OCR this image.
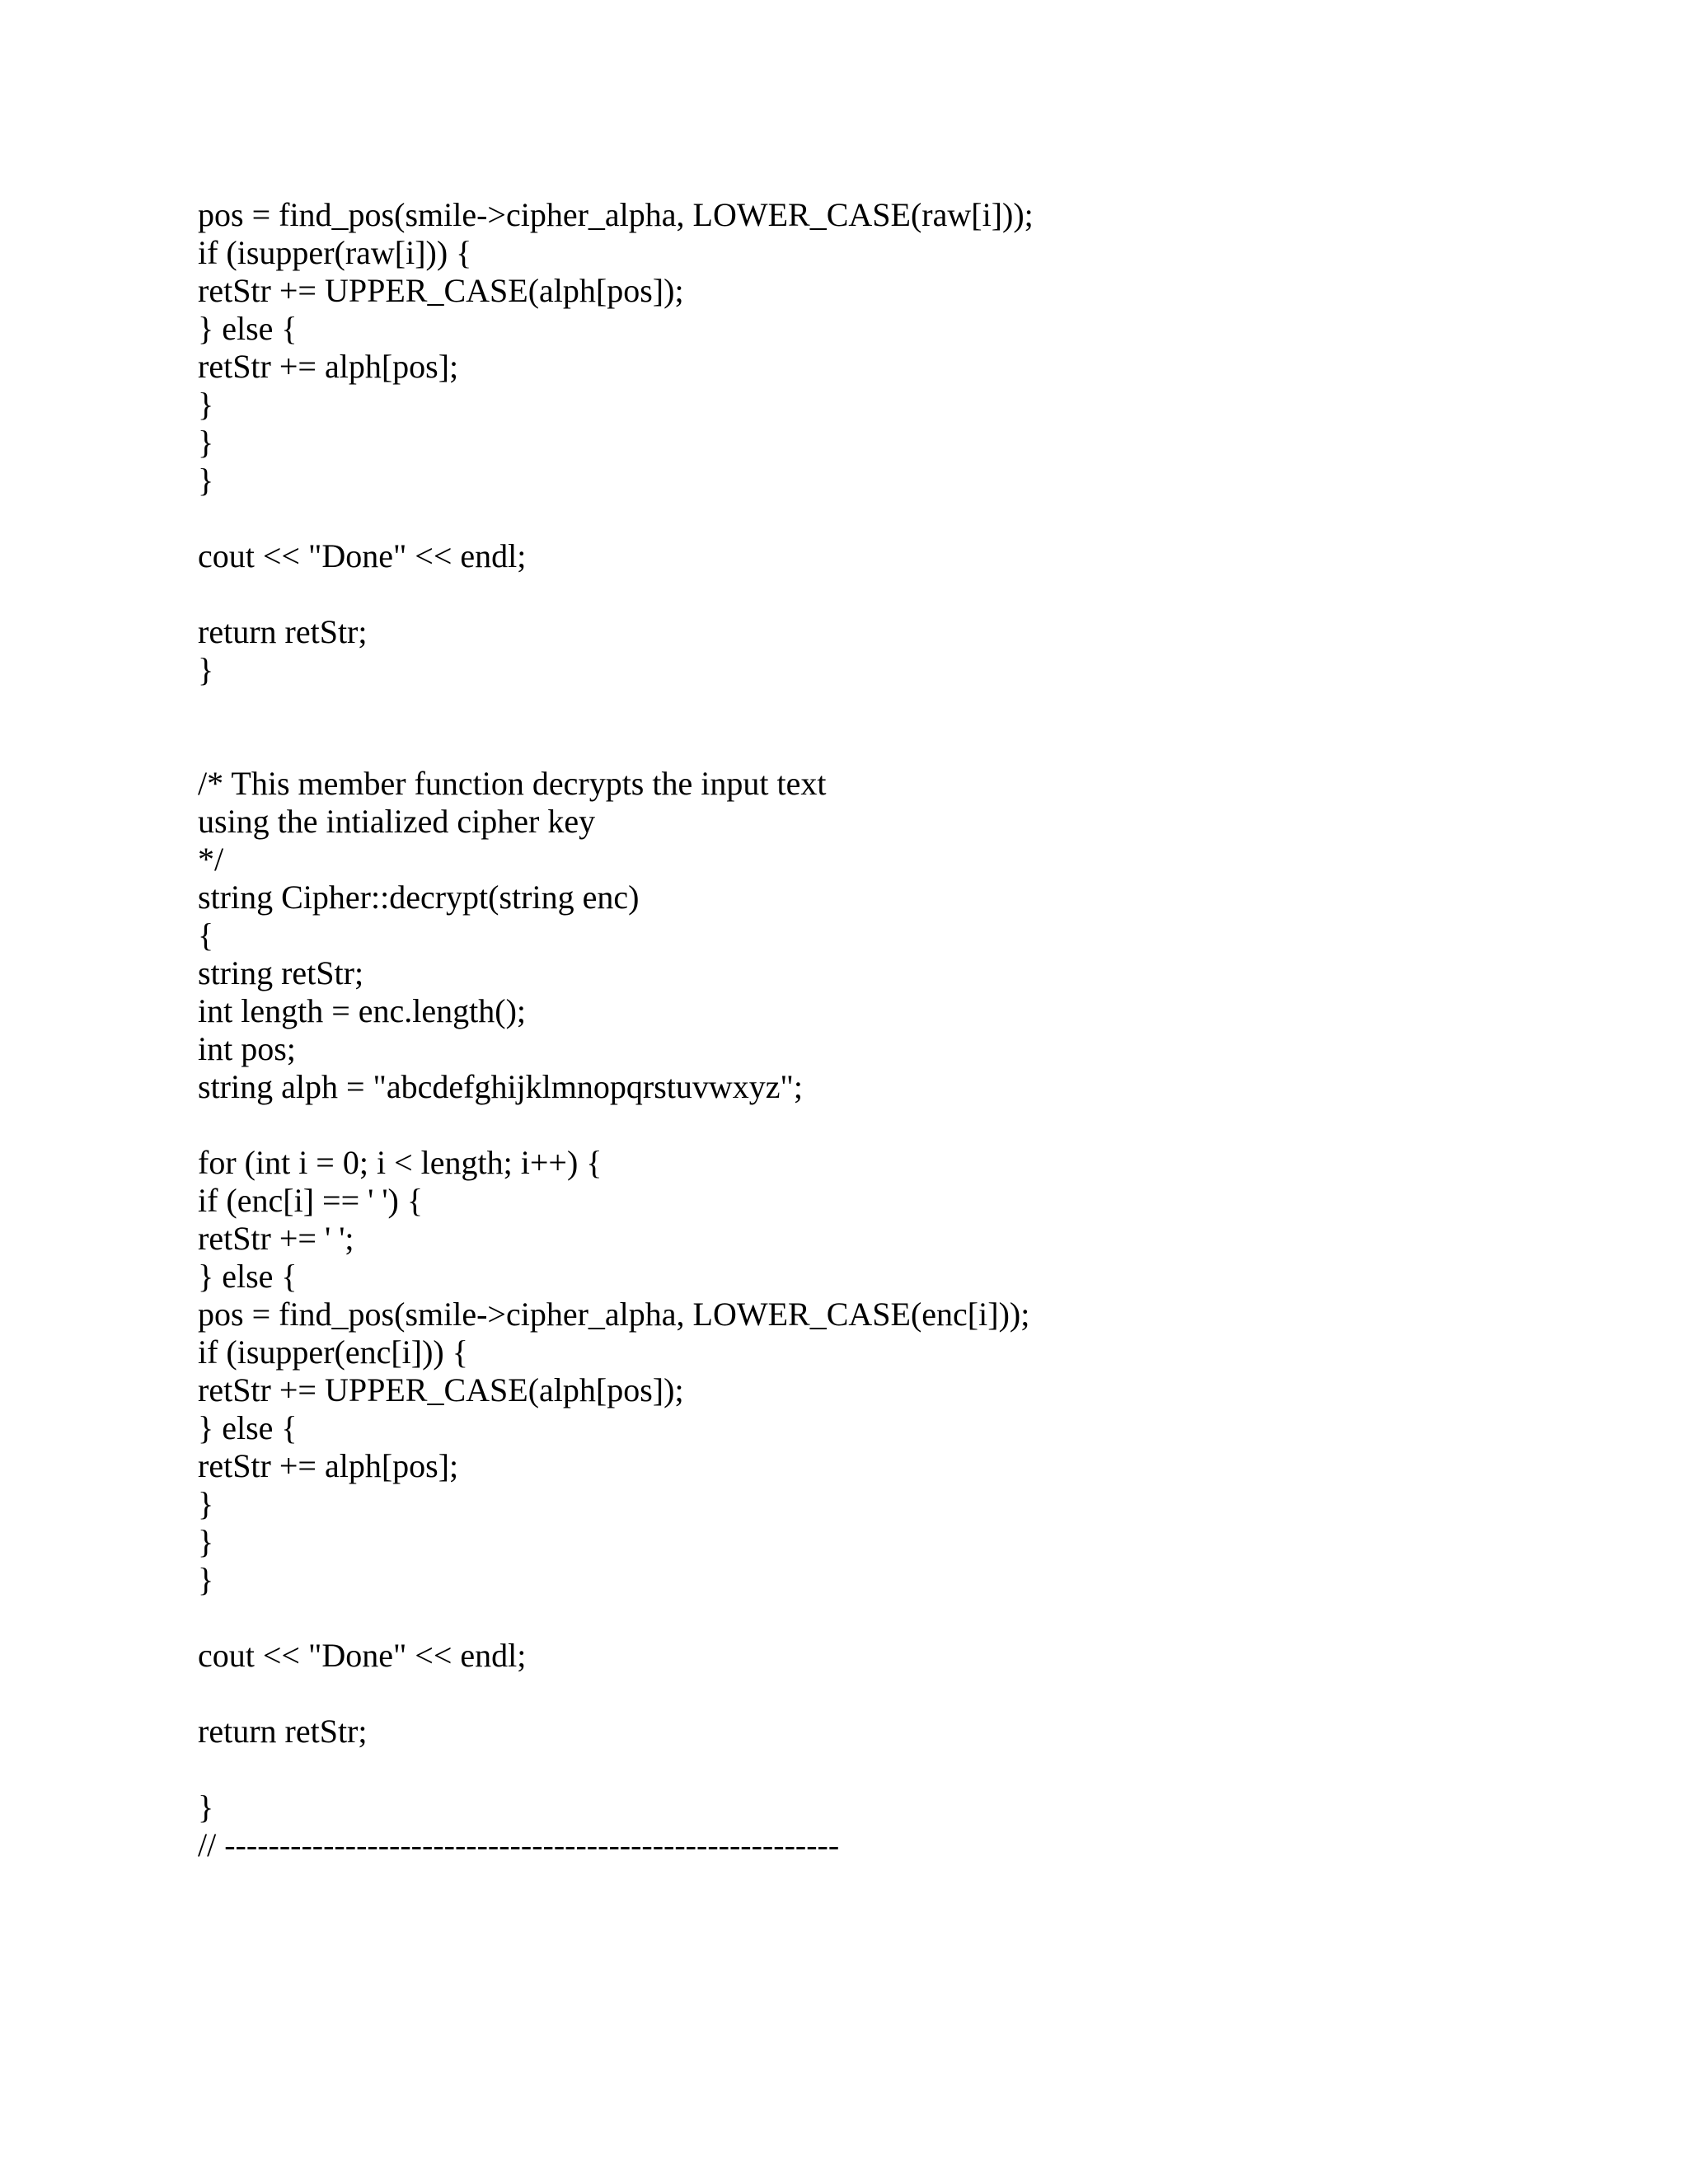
pos = find_pos(smile->cipher_alpha, LOWER_CASE(raw[i]));
if (isupper(raw[i])) {
retStr += UPPER_CASE(alph[pos]);
} else {
retStr += alph[pos];
}
}
}
cout << "Done" << endl;
return retStr;
}
/* This member function decrypts the input text
using the intialized cipher key
*/
string Cipher::decrypt(string enc)
{
string retStr;
int length = enc.length();
int pos;
string alph = "abcdefghijklmnopqrstuvwxyz";
for (int i = 0; i < length; i++) {
if (enc[i] == ' ') {
retStr += ' ';
} else {
pos = find_pos(smile->cipher_alpha, LOWER_CASE(enc[i]));
if (isupper(enc[i])) {
retStr += UPPER_CASE(alph[pos]);
} else {
retStr += alph[pos];
}
}
}
cout << "Done" << endl;
return retStr;
}
// --------------------------------------------------------
